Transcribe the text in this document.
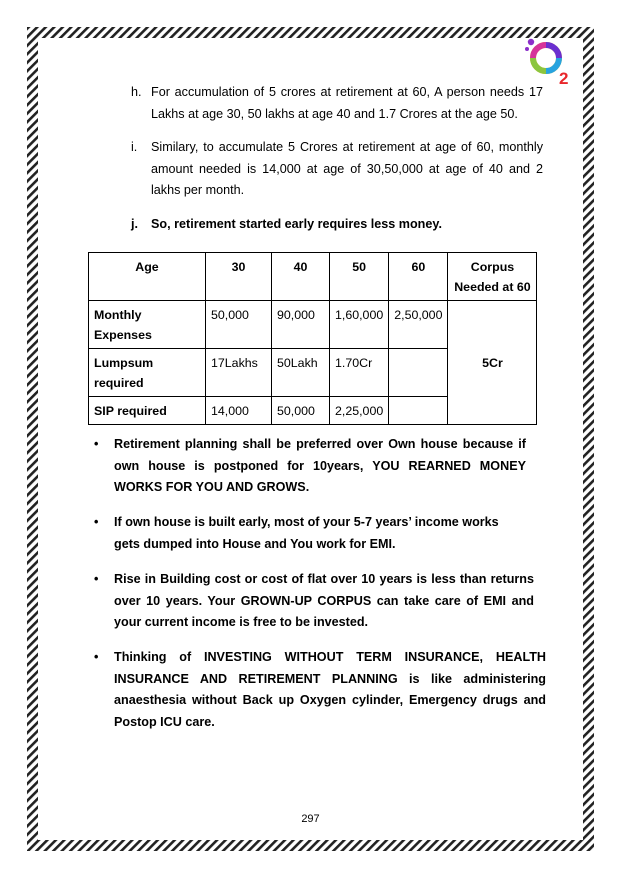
2
h. For accumulation of 5 crores at retirement at 60, A person needs 17 Lakhs at age 30, 50 lakhs at age 40 and 1.7 Crores at the age 50.
i. Similary, to accumulate 5 Crores at retirement at age of 60, monthly amount needed is 14,000 at age of 30,50,000 at age of 40 and 2 lakhs per month.
j. So, retirement started early requires less money.
Age	30	40	50	60	Corpus Needed at 60
Monthly Expenses	50,000	90,000	1,60,000	2,50,000	5Cr
Lumpsum required	17Lakhs	50Lakh	1.70Cr		
SIP required	14,000	50,000	2,25,000		
• Retirement planning shall be preferred over Own house because if own house is postponed for 10years, YOU REARNED MONEY WORKS FOR YOU AND GROWS.
• If own house is built early, most of your 5-7 years’ income works gets dumped into House and You work for EMI.
• Rise in Building cost or cost of flat over 10 years is less than returns over 10 years. Your GROWN-UP CORPUS can take care of EMI and your current income is free to be invested.
• Thinking of INVESTING WITHOUT TERM INSURANCE, HEALTH INSURANCE AND RETIREMENT PLANNING is like administering anaesthesia without Back up Oxygen cylinder, Emergency drugs and Postop ICU care.
297
